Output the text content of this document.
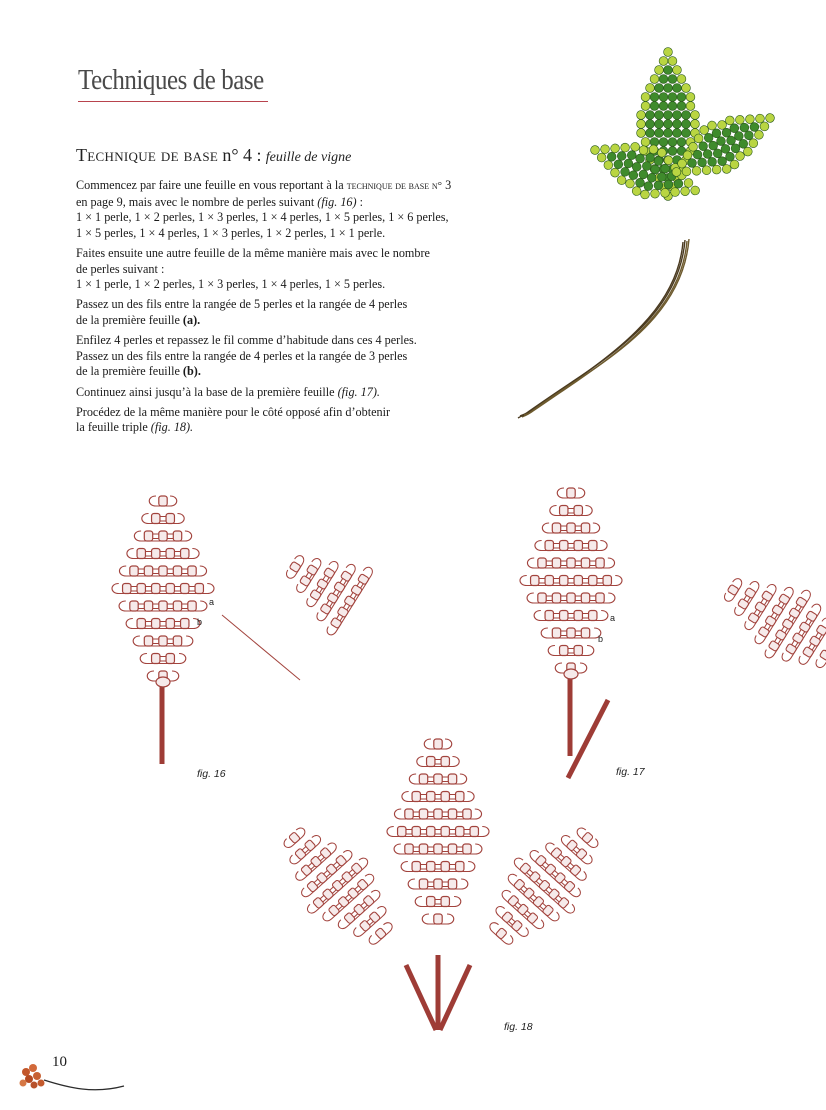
Techniques de base
Technique de base n° 4 : feuille de vigne

Commencez par faire une feuille en vous reportant à la technique de base n° 3
en page 9, mais avec le nombre de perles suivant (fig. 16) :
1 × 1 perle, 1 × 2 perles, 1 × 3 perles, 1 × 4 perles, 1 × 5 perles, 1 × 6 perles,
1 × 5 perles, 1 × 4 perles, 1 × 3 perles, 1 × 2 perles, 1 × 1 perle.

Faites ensuite une autre feuille de la même manière mais avec le nombre
de perles suivant :
1 × 1 perle, 1 × 2 perles, 1 × 3 perles, 1 × 4 perles, 1 × 5 perles.

Passez un des fils entre la rangée de 5 perles et la rangée de 4 perles
de la première feuille (a).

Enfilez 4 perles et repassez le fil comme d’habitude dans ces 4 perles.
Passez un des fils entre la rangée de 4 perles et la rangée de 3 perles
de la première feuille (b).

Continuez ainsi jusqu’à la base de la première feuille (fig. 17).

Procédez de la même manière pour le côté opposé afin d’obtenir
la feuille triple (fig. 18).

fig. 16	fig. 17
fig. 18
a
b	a
b
10
